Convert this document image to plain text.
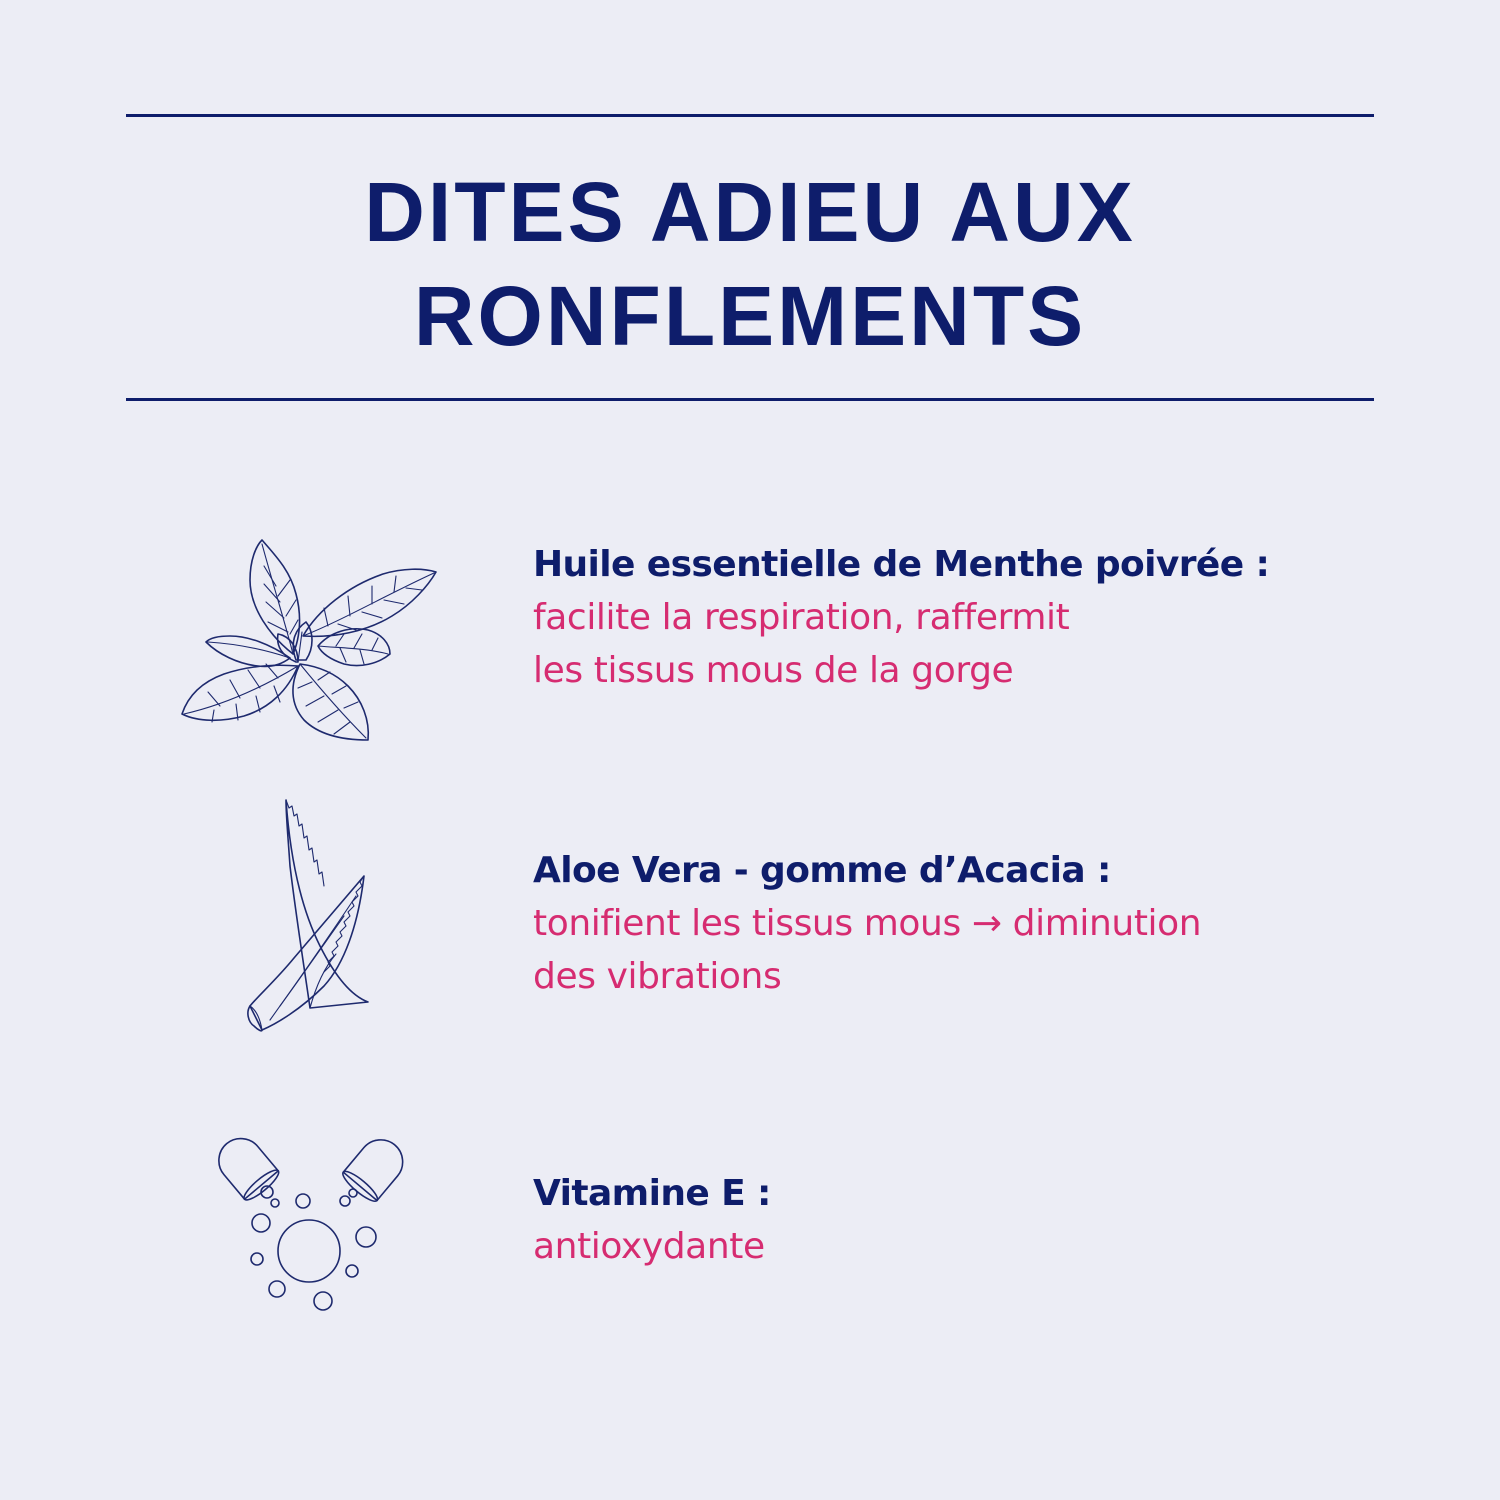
DITES ADIEU AUX
RONFLEMENTS
Huile essentielle de Menthe poivrée :
facilite la respiration, raffermit
les tissus mous de la gorge
Aloe Vera - gomme d’Acacia :
tonifient les tissus mous → diminution
des vibrations
Vitamine E :
antioxydante
